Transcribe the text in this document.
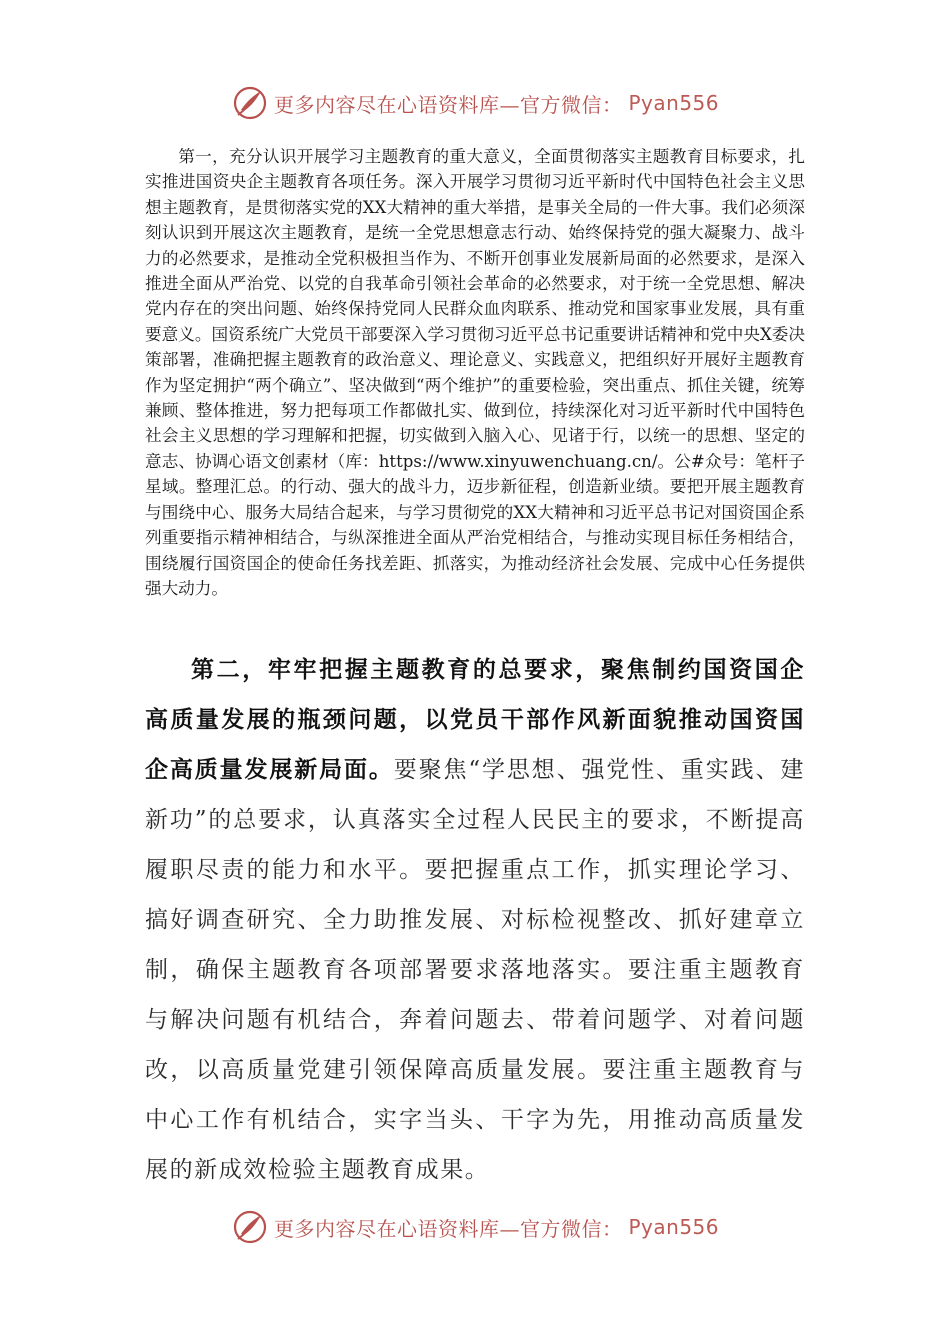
更多内容尽在心语资料库—官方微信： Pyan556

第一，充分认识开展学习主题教育的重大意义，全面贯彻落实主题教育目标要求，扎实推进国资央企主题教育各项任务。深入开展学习贯彻习近平新时代中国特色社会主义思想主题教育，是贯彻落实党的XX大精神的重大举措，是事关全局的一件大事。我们必须深刻认识到开展这次主题教育，是统一全党思想意志行动、始终保持党的强大凝聚力、战斗力的必然要求，是推动全党积极担当作为、不断开创事业发展新局面的必然要求，是深入推进全面从严治党、以党的自我革命引领社会革命的必然要求，对于统一全党思想、解决党内存在的突出问题、始终保持党同人民群众血肉联系、推动党和国家事业发展，具有重要意义。国资系统广大党员干部要深入学习贯彻习近平总书记重要讲话精神和党中央X委决策部署，准确把握主题教育的政治意义、理论意义、实践意义，把组织好开展好主题教育作为坚定拥护“两个确立”、坚决做到“两个维护”的重要检验，突出重点、抓住关键，统筹兼顾、整体推进，努力把每项工作都做扎实、做到位，持续深化对习近平新时代中国特色社会主义思想的学习理解和把握，切实做到入脑入心、见诸于行，以统一的思想、坚定的意志、协调心语文创素材（库：https://www.xinyuwenchuang.cn/。公#众号：笔杆子星域。整理汇总。的行动、强大的战斗力，迈步新征程，创造新业绩。要把开展主题教育与围绕中心、服务大局结合起来，与学习贯彻党的XX大精神和习近平总书记对国资国企系列重要指示精神相结合，与纵深推进全面从严治党相结合，与推动实现目标任务相结合，围绕履行国资国企的使命任务找差距、抓落实，为推动经济社会发展、完成中心任务提供强大动力。

第二，牢牢把握主题教育的总要求，聚焦制约国资国企高质量发展的瓶颈问题，以党员干部作风新面貌推动国资国企高质量发展新局面。要聚焦“学思想、强党性、重实践、建新功”的总要求，认真落实全过程人民民主的要求，不断提高履职尽责的能力和水平。要把握重点工作，抓实理论学习、搞好调查研究、全力助推发展、对标检视整改、抓好建章立制，确保主题教育各项部署要求落地落实。要注重主题教育与解决问题有机结合，奔着问题去、带着问题学、对着问题改，以高质量党建引领保障高质量发展。要注重主题教育与中心工作有机结合，实字当头、干字为先，用推动高质量发展的新成效检验主题教育成果。

更多内容尽在心语资料库—官方微信： Pyan556
